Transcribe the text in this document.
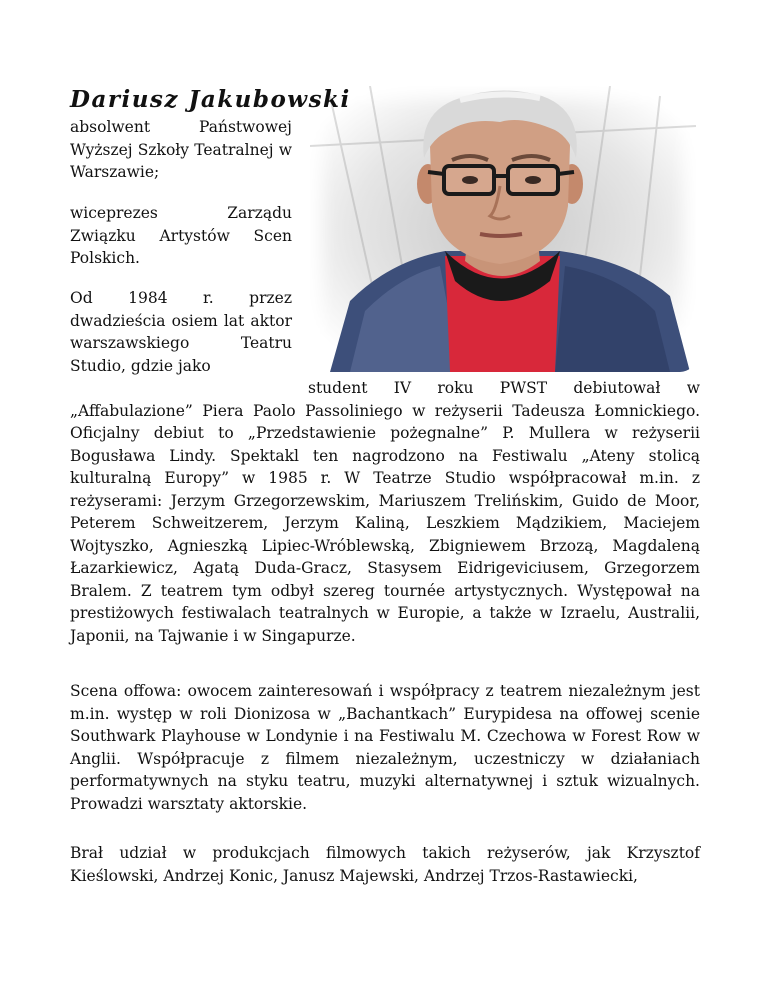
Dariusz Jakubowski

absolwent Państwowej Wyższej Szkoły Teatralnej w Warszawie;

wiceprezes Zarządu Związku Artystów Scen Polskich.

Od 1984 r. przez dwadzieścia osiem lat aktor warszawskiego Teatru Studio, gdzie jako

student IV roku PWST debiutował w „Affabulazione” Piera Paolo Passoliniego w reżyserii Tadeusza Łomnickiego. Oficjalny debiut to „Przedstawienie pożegnalne” P. Mullera w reżyserii Bogusława Lindy. Spektakl ten nagrodzono na Festiwalu „Ateny stolicą kulturalną Europy” w 1985 r. W Teatrze Studio współpracował m.in. z reżyserami: Jerzym Grzegorzewskim, Mariuszem Trelińskim, Guido de Moor, Peterem Schweitzerem, Jerzym Kaliną, Leszkiem Mądzikiem, Maciejem Wojtyszko, Agnieszką Lipiec-Wróblewską, Zbigniewem Brzozą, Magdaleną Łazarkiewicz, Agatą Duda-Gracz, Stasysem Eidrigeviciusem, Grzegorzem Bralem. Z teatrem tym odbył szereg tournée artystycznych. Występował na prestiżowych festiwalach teatralnych w Europie, a także w Izraelu, Australii, Japonii, na Tajwanie i w Singapurze.

Scena offowa: owocem zainteresowań i współpracy z teatrem niezależnym jest m.in. występ w roli Dionizosa w „Bachantkach” Eurypidesa na offowej scenie Southwark Playhouse w Londynie i na Festiwalu M. Czechowa w Forest Row w Anglii. Współpracuje z filmem niezależnym, uczestniczy w działaniach performatywnych na styku teatru, muzyki alternatywnej i sztuk wizualnych. Prowadzi warsztaty aktorskie.

Brał udział w produkcjach filmowych takich reżyserów, jak Krzysztof Kieślowski, Andrzej Konic, Janusz Majewski, Andrzej Trzos-Rastawiecki,
